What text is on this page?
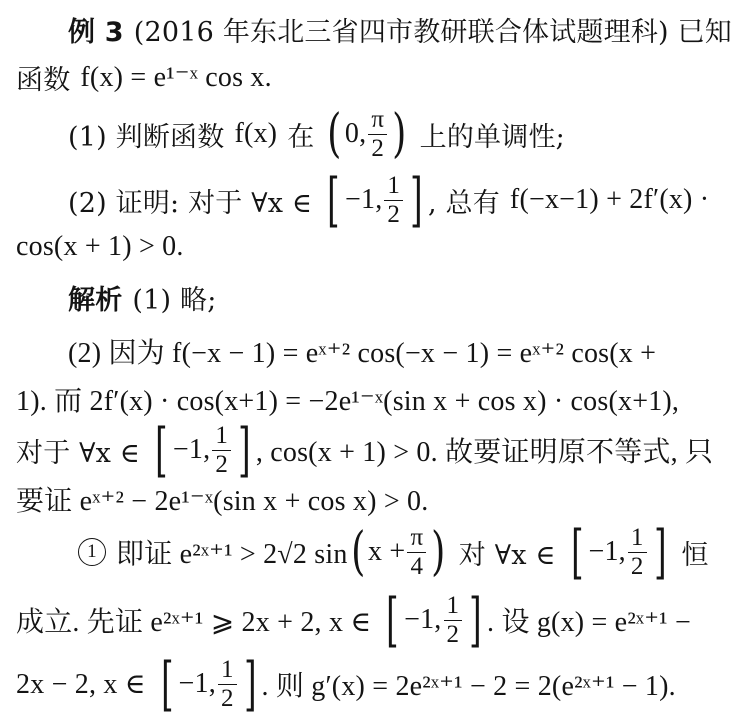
例 3 (2016 年东北三省四市教研联合体试题理科) 已知
函数 f(x) = e¹⁻ˣ cos x.
(1) 判断函数 f(x) 在 ( 0, $\frac{\pi}{2}$ ) 上的单调性;
(2) 证明: 对于 ∀x ∈ [ −1, $\frac{1}{2}$ ] , 总有 f(−x−1) + 2f′(x) ·
cos(x + 1) > 0.
解析 (1) 略;
(2) 因为 f(−x − 1) = eˣ⁺² cos(−x − 1) = eˣ⁺² cos(x +
1). 而 2f′(x) · cos(x+1) = −2e¹⁻ˣ(sin x + cos x) · cos(x+1),
对于 ∀x ∈ [ −1, $\frac{1}{2}$ ] , cos(x + 1) > 0. 故要证明原不等式, 只
要证 eˣ⁺² − 2e¹⁻ˣ(sin x + cos x) > 0.
1 即证 e²ˣ⁺¹ > 2√2 sin ( $x + \frac{\pi}{4}$ ) 对 ∀x ∈ [ −1, $\frac{1}{2}$ ] 恒
成立. 先证 e²ˣ⁺¹ ⩾ 2x + 2, x ∈ [ −1, $\frac{1}{2}$ ] . 设 g(x) = e²ˣ⁺¹ −
2x − 2, x ∈ [ −1, $\frac{1}{2}$ ] . 则 g′(x) = 2e²ˣ⁺¹ − 2 = 2(e²ˣ⁺¹ − 1).
